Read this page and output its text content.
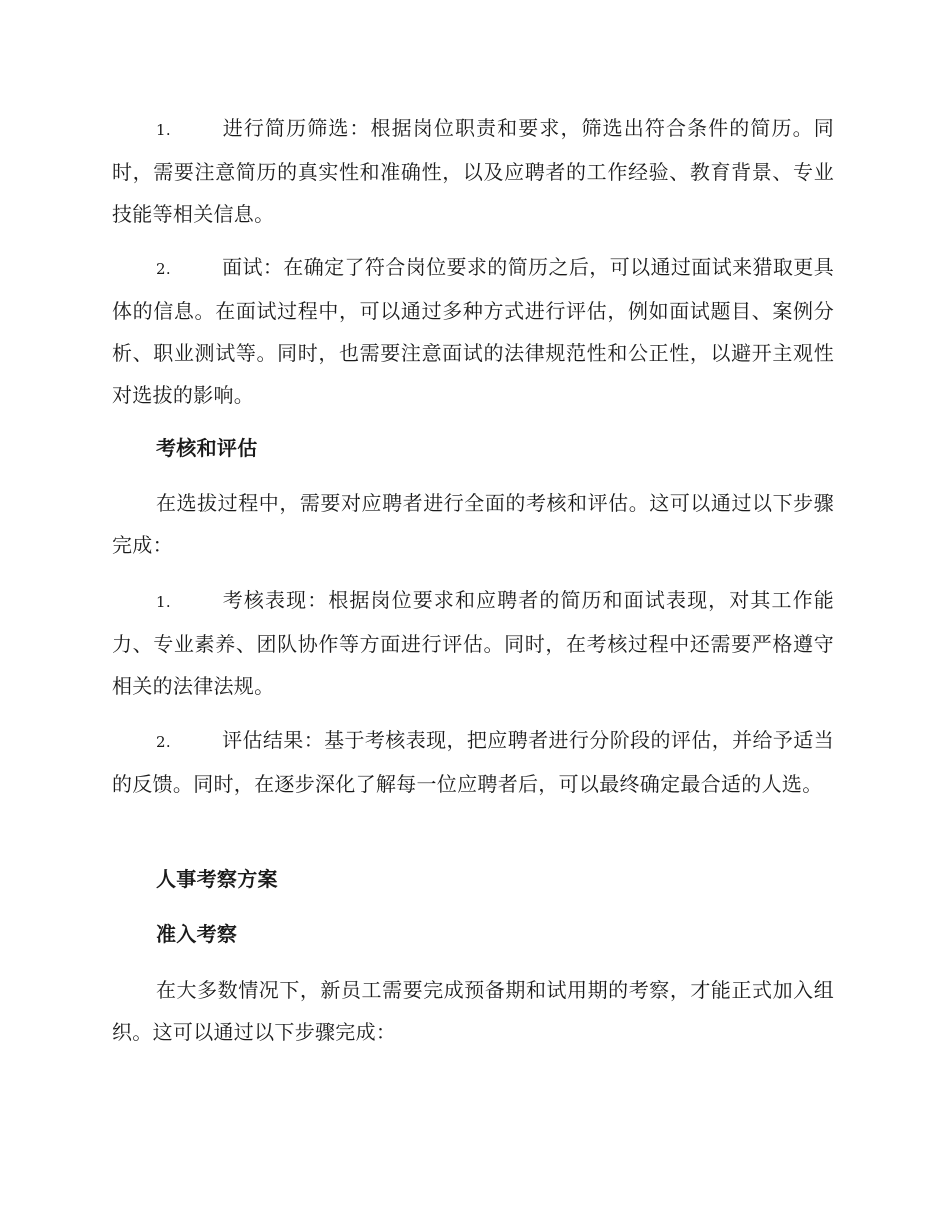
1.	进行简历筛选：根据岗位职责和要求，筛选出符合条件的简历。同时，需要注意简历的真实性和准确性，以及应聘者的工作经验、教育背景、专业技能等相关信息。
2.	面试：在确定了符合岗位要求的简历之后，可以通过面试来猎取更具体的信息。在面试过程中，可以通过多种方式进行评估，例如面试题目、案例分析、职业测试等。同时，也需要注意面试的法律规范性和公正性，以避开主观性对选拔的影响。
考核和评估
在选拔过程中，需要对应聘者进行全面的考核和评估。这可以通过以下步骤完成：
1.	考核表现：根据岗位要求和应聘者的简历和面试表现，对其工作能力、专业素养、团队协作等方面进行评估。同时，在考核过程中还需要严格遵守相关的法律法规。
2.	评估结果：基于考核表现，把应聘者进行分阶段的评估，并给予适当的反馈。同时，在逐步深化了解每一位应聘者后，可以最终确定最合适的人选。
人事考察方案
准入考察
在大多数情况下，新员工需要完成预备期和试用期的考察，才能正式加入组织。这可以通过以下步骤完成：
